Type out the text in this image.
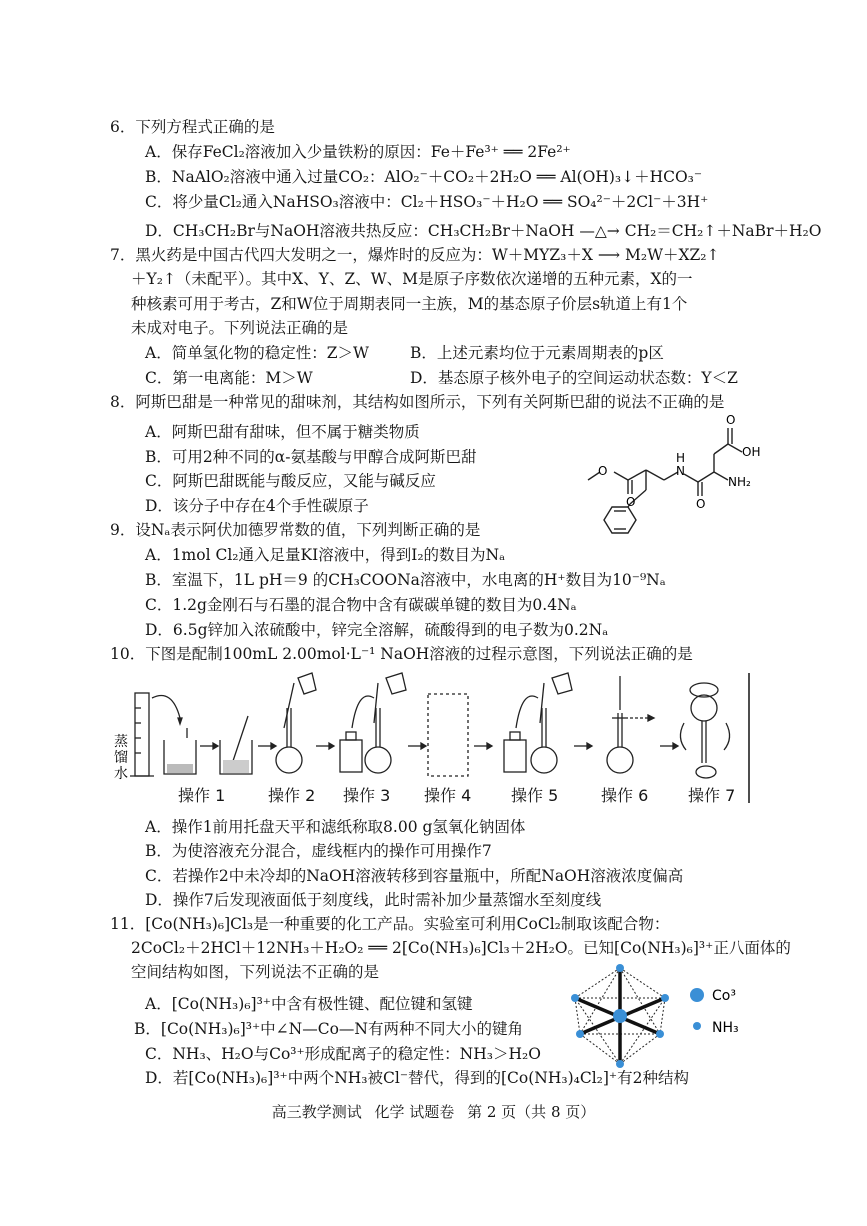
6．下列方程式正确的是
A．保存FeCl₂溶液加入少量铁粉的原因：Fe＋Fe³⁺ ══ 2Fe²⁺
B．NaAlO₂溶液中通入过量CO₂：AlO₂⁻＋CO₂＋2H₂O ══ Al(OH)₃↓＋HCO₃⁻
C．将少量Cl₂通入NaHSO₃溶液中：Cl₂＋HSO₃⁻＋H₂O ══ SO₄²⁻＋2Cl⁻＋3H⁺
D．CH₃CH₂Br与NaOH溶液共热反应：CH₃CH₂Br＋NaOH —△→ CH₂＝CH₂↑＋NaBr＋H₂O
7．黑火药是中国古代四大发明之一，爆炸时的反应为：W＋MYZ₃＋X ⟶ M₂W＋XZ₂↑
＋Y₂↑（未配平）。其中X、Y、Z、W、M是原子序数依次递增的五种元素，X的一
种核素可用于考古，Z和W位于周期表同一主族，M的基态原子价层s轨道上有1个
未成对电子。下列说法正确的是
A．简单氢化物的稳定性：Z＞W	B．上述元素均位于元素周期表的p区
C．第一电离能：M＞W	D．基态原子核外电子的空间运动状态数：Y＜Z
8．阿斯巴甜是一种常见的甜味剂，其结构如图所示，下列有关阿斯巴甜的说法不正确的是
A．阿斯巴甜有甜味，但不属于糖类物质
B．可用2种不同的α-氨基酸与甲醇合成阿斯巴甜
C．阿斯巴甜既能与酸反应，又能与碱反应
D．该分子中存在4个手性碳原子
O
O
N
H
O
O
OH
NH₂
9．设Nₐ表示阿伏加德罗常数的值，下列判断正确的是
A．1mol Cl₂通入足量KI溶液中，得到I₂的数目为Nₐ
B．室温下，1L pH＝9 的CH₃COONa溶液中，水电离的H⁺数目为10⁻⁹Nₐ
C．1.2g金刚石与石墨的混合物中含有碳碳单键的数目为0.4Nₐ
D．6.5g锌加入浓硫酸中，锌完全溶解，硫酸得到的电子数为0.2Nₐ
10．下图是配制100mL 2.00mol·L⁻¹ NaOH溶液的过程示意图，下列说法正确的是
蒸
馏
水
操作 1	操作 2 操作 3 操作 4 操作 5	操作 6 操作 7
A．操作1前用托盘天平和滤纸称取8.00 g氢氧化钠固体
B．为使溶液充分混合，虚线框内的操作可用操作7
C．若操作2中未冷却的NaOH溶液转移到容量瓶中，所配NaOH溶液浓度偏高
D．操作7后发现液面低于刻度线，此时需补加少量蒸馏水至刻度线
11．[Co(NH₃)₆]Cl₃是一种重要的化工产品。实验室可利用CoCl₂制取该配合物：
2CoCl₂＋2HCl＋12NH₃＋H₂O₂ ══ 2[Co(NH₃)₆]Cl₃＋2H₂O。已知[Co(NH₃)₆]³⁺正八面体的
空间结构如图，下列说法不正确的是
A．[Co(NH₃)₆]³⁺中含有极性键、配位键和氢键
B．[Co(NH₃)₆]³⁺中∠N—Co—N有两种不同大小的键角
C．NH₃、H₂O与Co³⁺形成配离子的稳定性：NH₃＞H₂O
D．若[Co(NH₃)₆]³⁺中两个NH₃被Cl⁻替代，得到的[Co(NH₃)₄Cl₂]⁺有2种结构
Co³
NH₃
高三教学测试 化学 试题卷 第 2 页（共 8 页）
